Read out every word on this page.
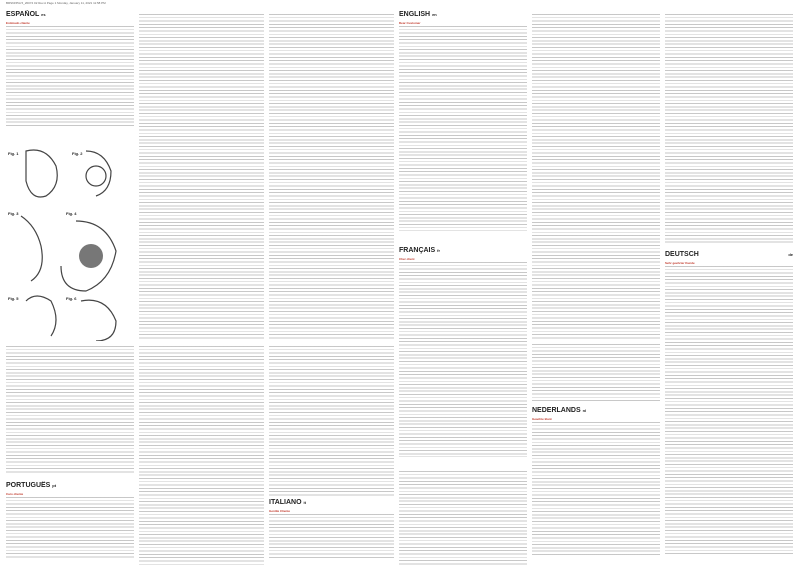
BRS6155A 5_20074 02 Rev.A Page 1 Monday, January 11, 2021 11:58 PM
ESPAÑOL es
Estimado cliente
Fig. 1	Fig. 2
Fig. 3	Fig. 4
Fig. 5	Fig. 6
PORTUGUÊS pt
Caro cliente
ITALIANO it
Gentile Cliente
ENGLISH en
Dear Customer
FRANÇAIS fr
Cher client
NEDERLANDS nl
Geachte klant
DEUTSCH	de
Sehr geehrter Kunde
